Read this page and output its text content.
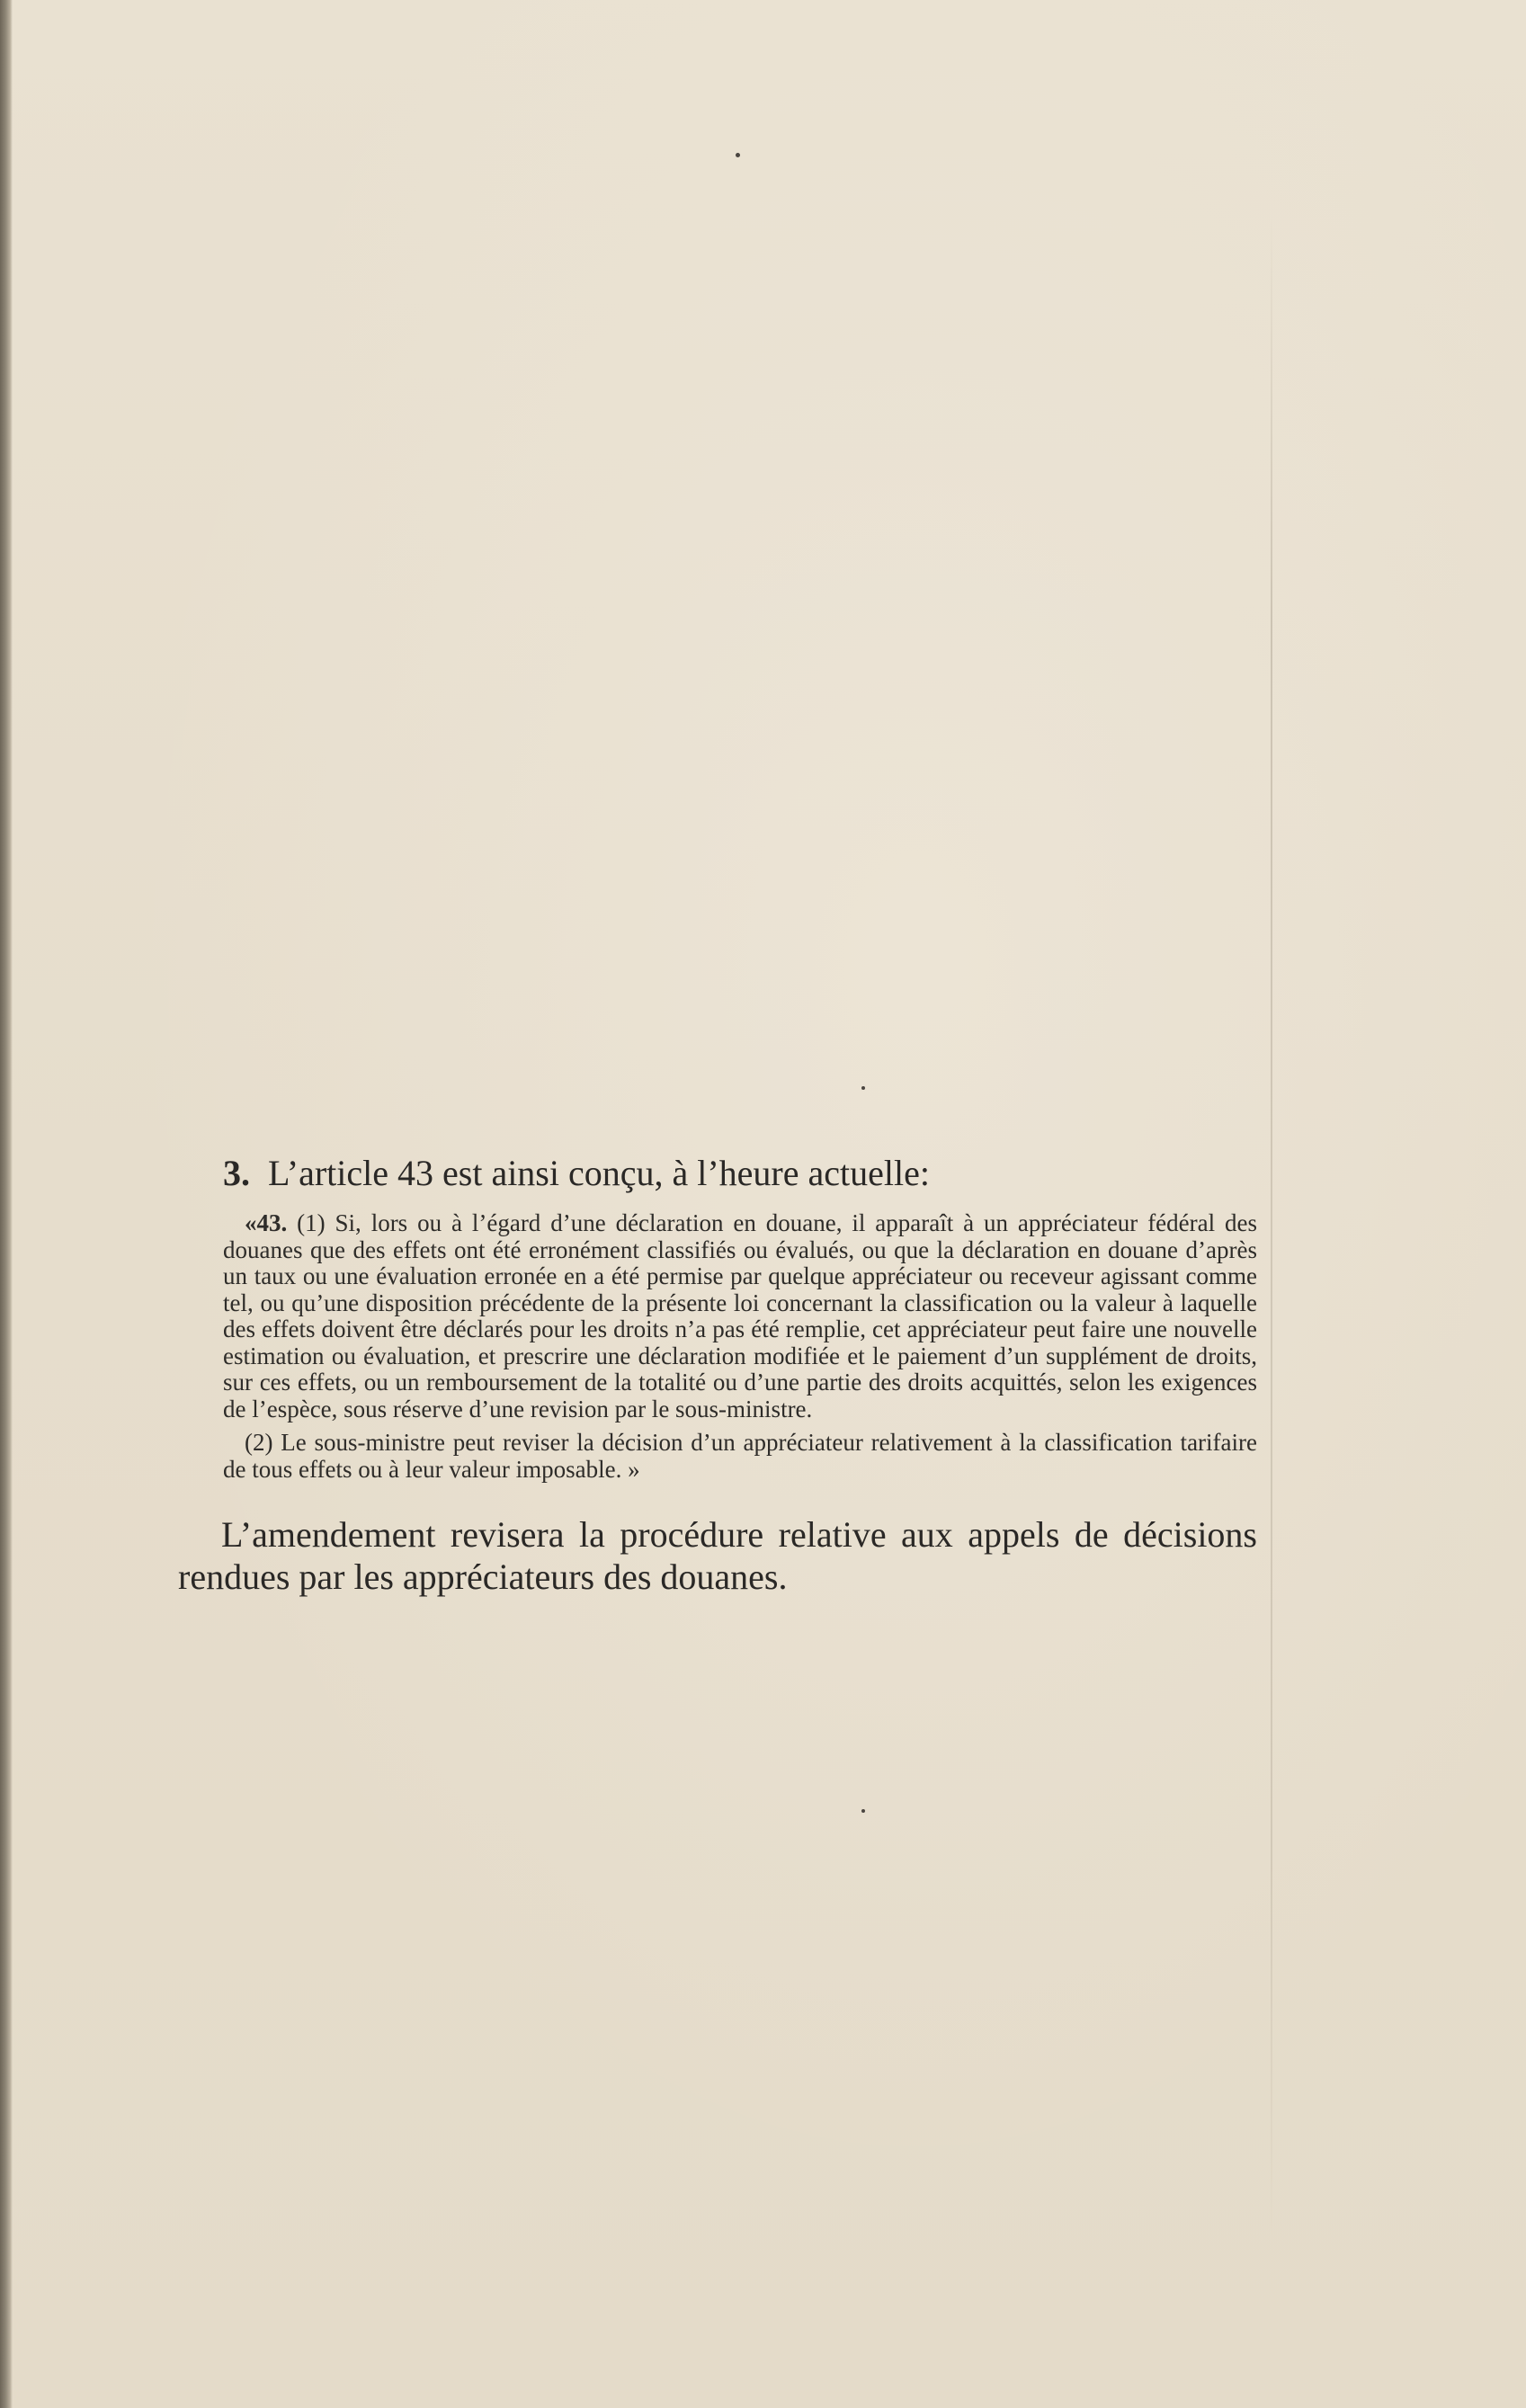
3. L’article 43 est ainsi conçu, à l’heure actuelle:

«43. (1) Si, lors ou à l’égard d’une déclaration en douane, il apparaît à un appréciateur fédéral des douanes que des effets ont été erronément classifiés ou évalués, ou que la déclaration en douane d’après un taux ou une évaluation erronée en a été permise par quelque appréciateur ou receveur agissant comme tel, ou qu’une disposition précédente de la présente loi concernant la classification ou la valeur à laquelle des effets doivent être déclarés pour les droits n’a pas été remplie, cet appréciateur peut faire une nouvelle estimation ou évaluation, et prescrire une déclaration modifiée et le paiement d’un supplément de droits, sur ces effets, ou un remboursement de la totalité ou d’une partie des droits acquittés, selon les exigences de l’espèce, sous réserve d’une revision par le sous-ministre.

(2) Le sous-ministre peut reviser la décision d’un appréciateur relativement à la classification tarifaire de tous effets ou à leur valeur imposable. »

L’amendement revisera la procédure relative aux appels de décisions rendues par les appréciateurs des douanes.
